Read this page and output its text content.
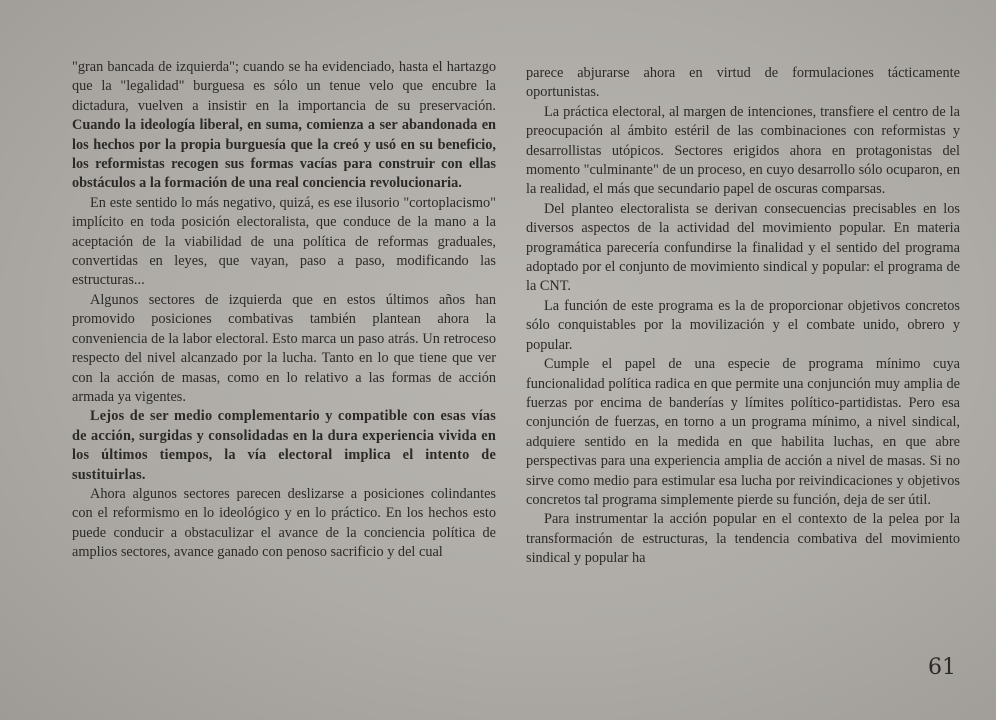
"gran bancada de izquierda"; cuando se ha evidenciado, hasta el hartazgo que la "legalidad" burguesa es sólo un tenue velo que encubre la dictadura, vuelven a insistir en la importancia de su preservación. Cuando la ideología liberal, en suma, comienza a ser abandonada en los hechos por la propia burguesía que la creó y usó en su beneficio, los reformistas recogen sus formas vacías para construir con ellas obstáculos a la formación de una real conciencia revolucionaria.

En este sentido lo más negativo, quizá, es ese ilusorio "cortoplacismo" implícito en toda posición electoralista, que conduce de la mano a la aceptación de la viabilidad de una política de reformas graduales, convertidas en leyes, que vayan, paso a paso, modificando las estructuras...

Algunos sectores de izquierda que en estos últimos años han promovido posiciones combativas también plantean ahora la conveniencia de la labor electoral. Esto marca un paso atrás. Un retroceso respecto del nivel alcanzado por la lucha. Tanto en lo que tiene que ver con la acción de masas, como en lo relativo a las formas de acción armada ya vigentes.

Lejos de ser medio complementario y compatible con esas vías de acción, surgidas y consolidadas en la dura experiencia vivida en los últimos tiempos, la vía electoral implica el intento de sustituirlas.

Ahora algunos sectores parecen deslizarse a posiciones colindantes con el reformismo en lo ideológico y en lo práctico. En los hechos esto puede conducir a obstaculizar el avance de la conciencia política de amplios sectores, avance ganado con penoso sacrificio y del cual

parece abjurarse ahora en virtud de formulaciones tácticamente oportunistas.

La práctica electoral, al margen de intenciones, transfiere el centro de la preocupación al ámbito estéril de las combinaciones con reformistas y desarrollistas utópicos. Sectores erigidos ahora en protagonistas del momento "culminante" de un proceso, en cuyo desarrollo sólo ocuparon, en la realidad, el más que secundario papel de oscuras comparsas.

Del planteo electoralista se derivan consecuencias precisables en los diversos aspectos de la actividad del movimiento popular. En materia programática parecería confundirse la finalidad y el sentido del programa adoptado por el conjunto de movimiento sindical y popular: el programa de la CNT.

La función de este programa es la de proporcionar objetivos concretos sólo conquistables por la movilización y el combate unido, obrero y popular.

Cumple el papel de una especie de programa mínimo cuya funcionalidad política radica en que permite una conjunción muy amplia de fuerzas por encima de banderías y límites político-partidistas. Pero esa conjunción de fuerzas, en torno a un programa mínimo, a nivel sindical, adquiere sentido en la medida en que habilita luchas, en que abre perspectivas para una experiencia amplia de acción a nivel de masas. Si no sirve como medio para estimular esa lucha por reivindicaciones y objetivos concretos tal programa simplemente pierde su función, deja de ser útil.

Para instrumentar la acción popular en el contexto de la pelea por la transformación de estructuras, la tendencia combativa del movimiento sindical y popular ha

61
